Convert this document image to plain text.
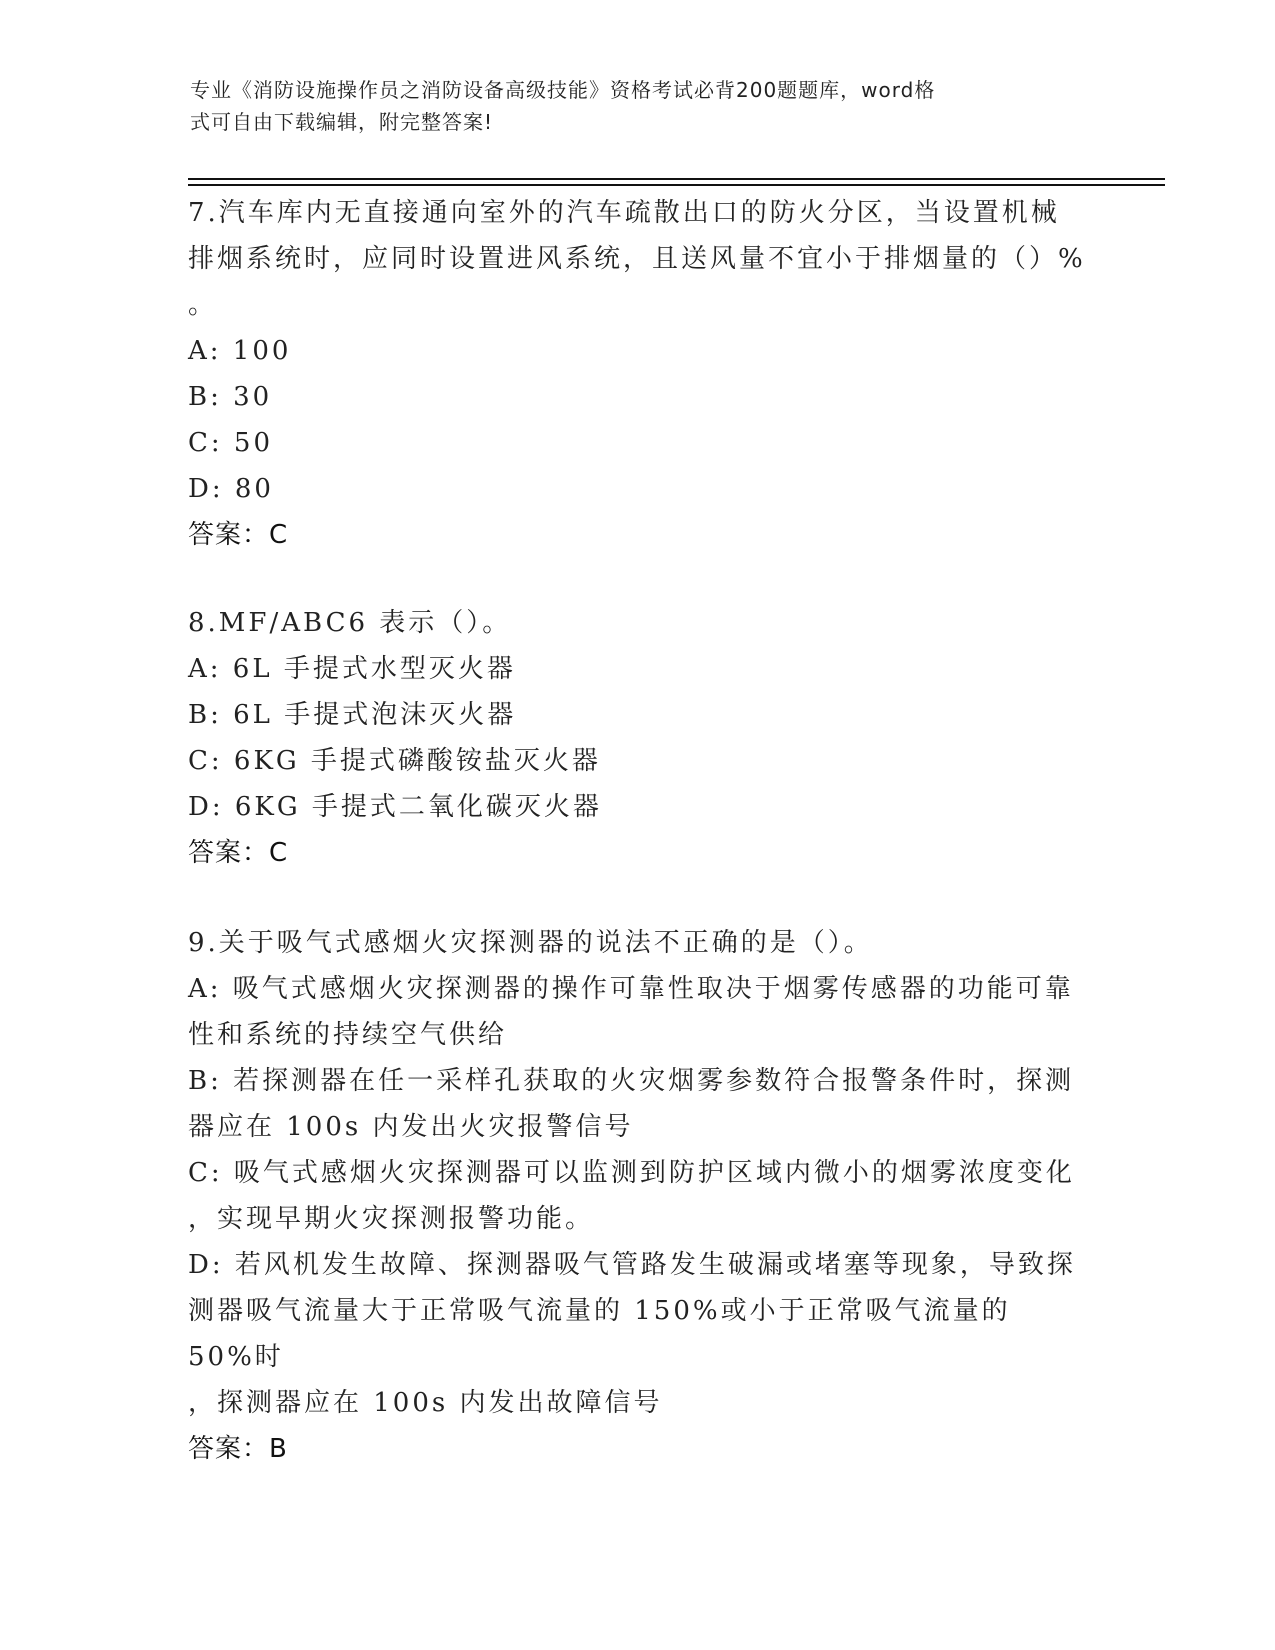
专业《消防设施操作员之消防设备高级技能》资格考试必背200题题库，word格
式可自由下载编辑，附完整答案!
7.汽车库内无直接通向室外的汽车疏散出口的防火分区，当设置机械
排烟系统时，应同时设置进风系统，且送风量不宜小于排烟量的（）%
。
A: 100
B: 30
C: 50
D: 80
答案：C
8.MF/ABC6 表示（）。
A: 6L 手提式水型灭火器
B: 6L 手提式泡沫灭火器
C: 6KG 手提式磷酸铵盐灭火器
D: 6KG 手提式二氧化碳灭火器
答案：C
9.关于吸气式感烟火灾探测器的说法不正确的是（）。
A: 吸气式感烟火灾探测器的操作可靠性取决于烟雾传感器的功能可靠
性和系统的持续空气供给
B: 若探测器在任一采样孔获取的火灾烟雾参数符合报警条件时，探测
器应在 100s 内发出火灾报警信号
C: 吸气式感烟火灾探测器可以监测到防护区域内微小的烟雾浓度变化
，实现早期火灾探测报警功能。
D: 若风机发生故障、探测器吸气管路发生破漏或堵塞等现象，导致探
测器吸气流量大于正常吸气流量的 150%或小于正常吸气流量的 50%时
，探测器应在 100s 内发出故障信号
答案：B
